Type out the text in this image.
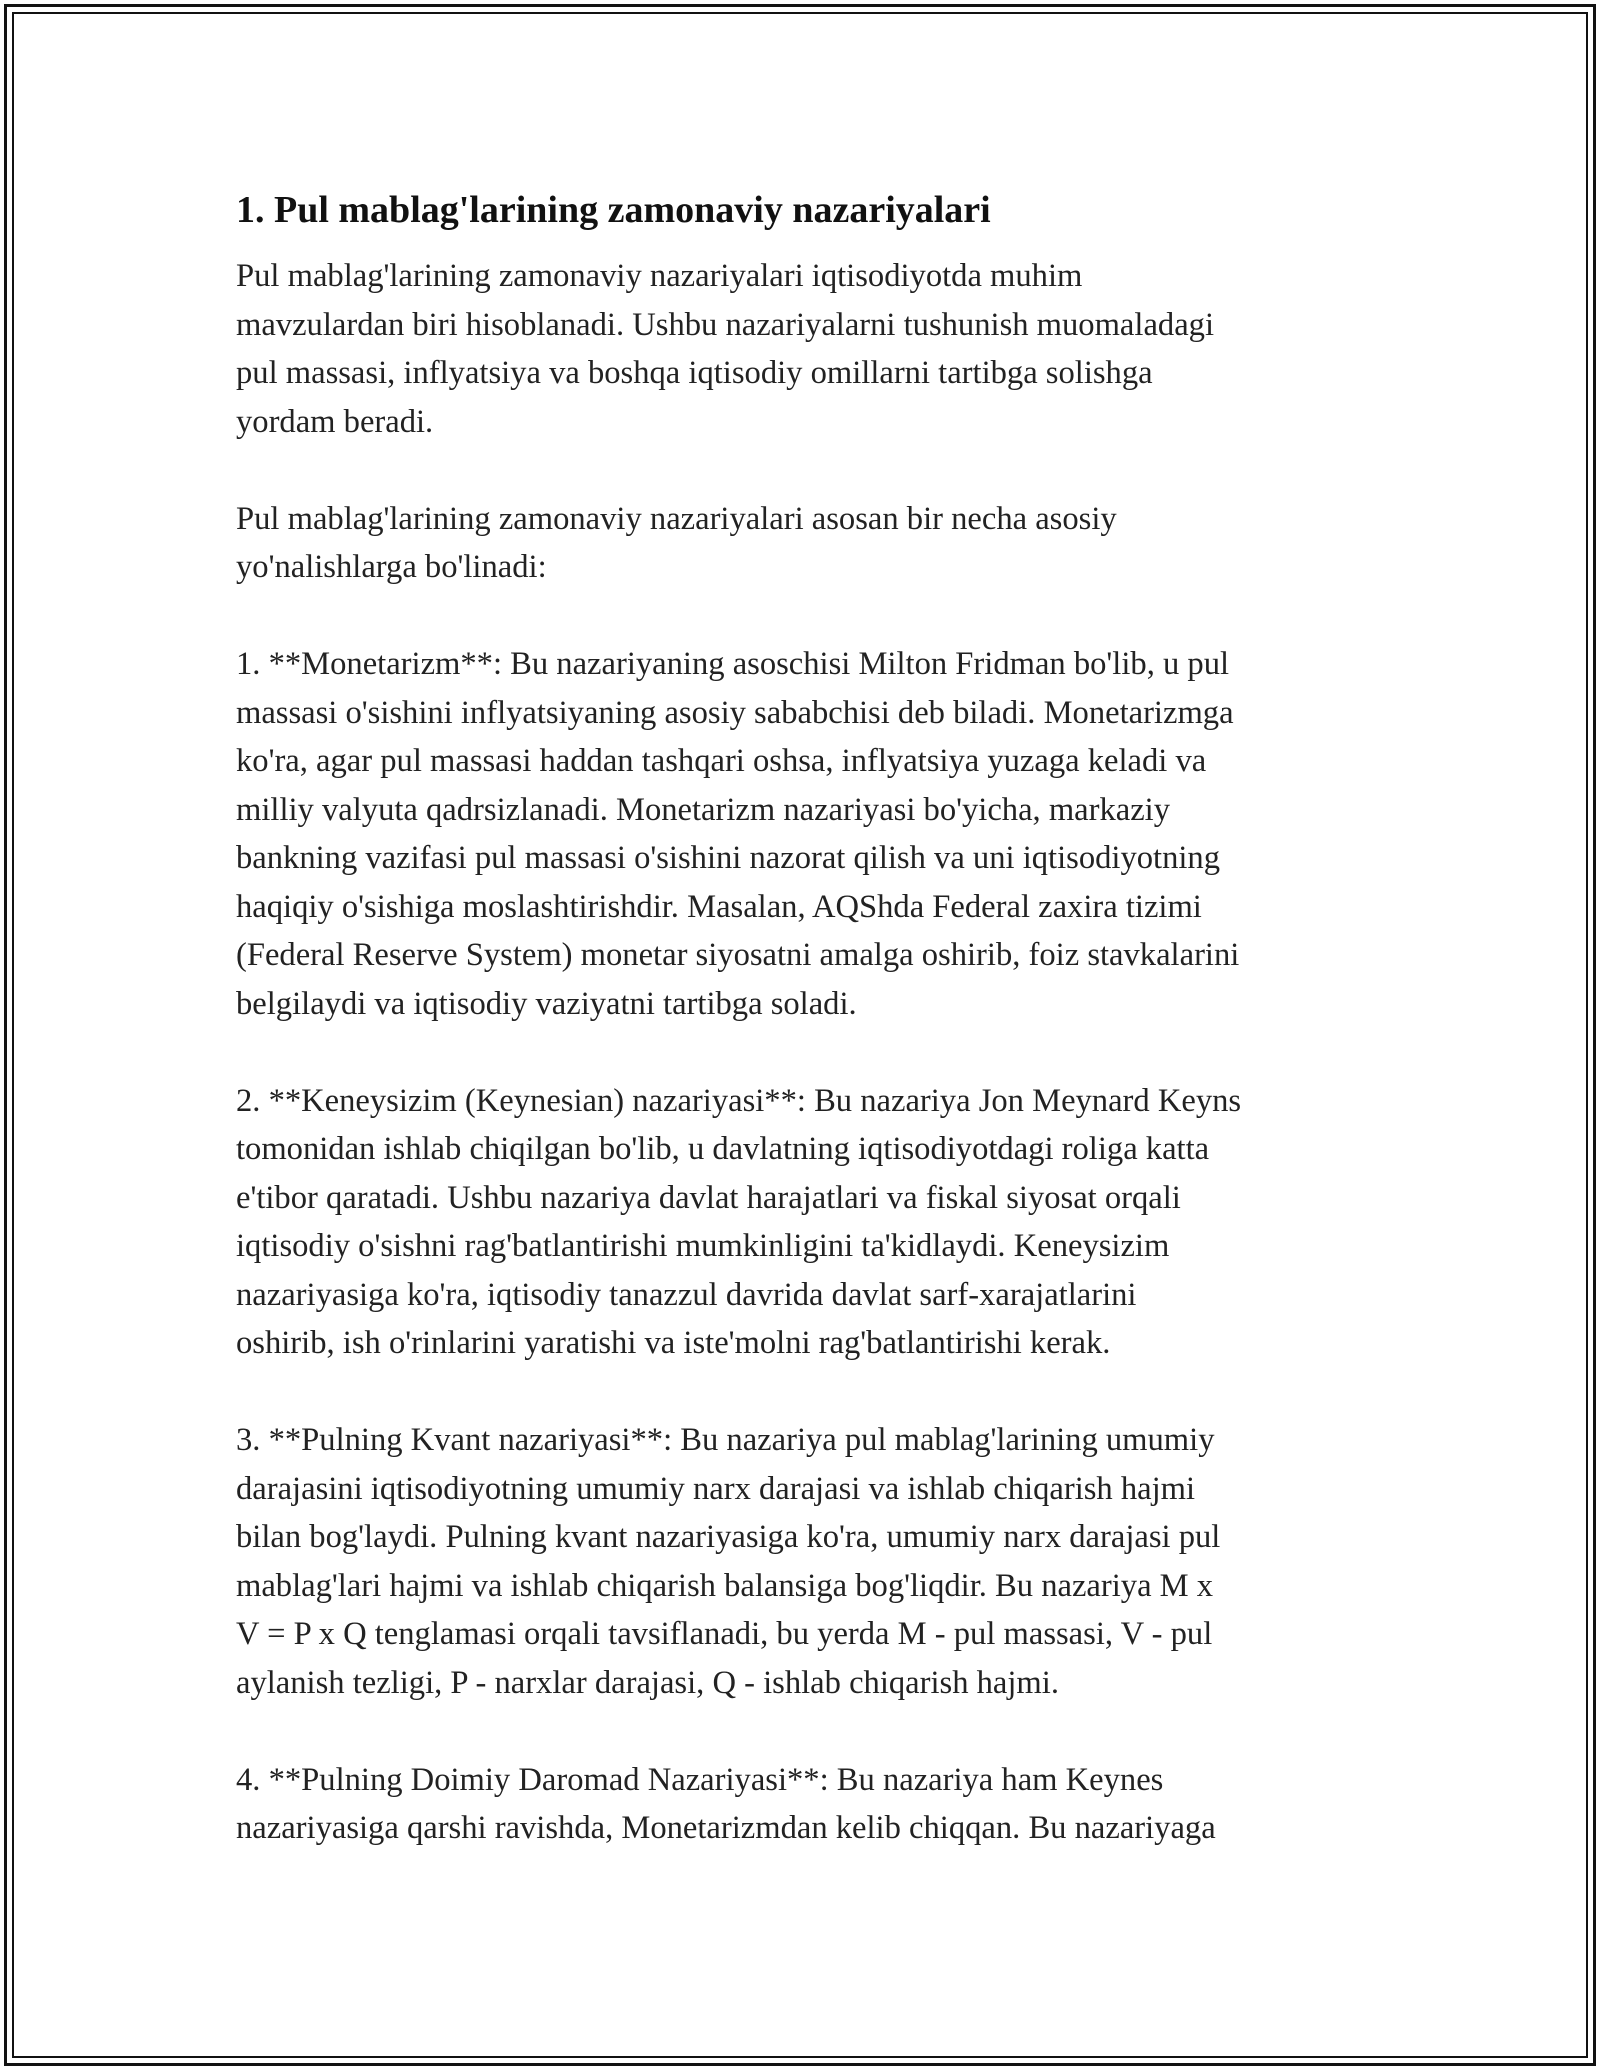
1. Pul mablag'larining zamonaviy nazariyalari

Pul mablag'larining zamonaviy nazariyalari iqtisodiyotda muhim
mavzulardan biri hisoblanadi. Ushbu nazariyalarni tushunish muomaladagi
pul massasi, inflyatsiya va boshqa iqtisodiy omillarni tartibga solishga
yordam beradi.

Pul mablag'larining zamonaviy nazariyalari asosan bir necha asosiy
yo'nalishlarga bo'linadi:

1. **Monetarizm**: Bu nazariyaning asoschisi Milton Fridman bo'lib, u pul
massasi o'sishini inflyatsiyaning asosiy sababchisi deb biladi. Monetarizmga
ko'ra, agar pul massasi haddan tashqari oshsa, inflyatsiya yuzaga keladi va
milliy valyuta qadrsizlanadi. Monetarizm nazariyasi bo'yicha, markaziy
bankning vazifasi pul massasi o'sishini nazorat qilish va uni iqtisodiyotning
haqiqiy o'sishiga moslashtirishdir. Masalan, AQShda Federal zaxira tizimi
(Federal Reserve System) monetar siyosatni amalga oshirib, foiz stavkalarini
belgilaydi va iqtisodiy vaziyatni tartibga soladi.

2. **Keneysizim (Keynesian) nazariyasi**: Bu nazariya Jon Meynard Keyns
tomonidan ishlab chiqilgan bo'lib, u davlatning iqtisodiyotdagi roliga katta
e'tibor qaratadi. Ushbu nazariya davlat harajatlari va fiskal siyosat orqali
iqtisodiy o'sishni rag'batlantirishi mumkinligini ta'kidlaydi. Keneysizim
nazariyasiga ko'ra, iqtisodiy tanazzul davrida davlat sarf-xarajatlarini
oshirib, ish o'rinlarini yaratishi va iste'molni rag'batlantirishi kerak.

3. **Pulning Kvant nazariyasi**: Bu nazariya pul mablag'larining umumiy
darajasini iqtisodiyotning umumiy narx darajasi va ishlab chiqarish hajmi
bilan bog'laydi. Pulning kvant nazariyasiga ko'ra, umumiy narx darajasi pul
mablag'lari hajmi va ishlab chiqarish balansiga bog'liqdir. Bu nazariya M x
V = P x Q tenglamasi orqali tavsiflanadi, bu yerda M - pul massasi, V - pul
aylanish tezligi, P - narxlar darajasi, Q - ishlab chiqarish hajmi.

4. **Pulning Doimiy Daromad Nazariyasi**: Bu nazariya ham Keynes
nazariyasiga qarshi ravishda, Monetarizmdan kelib chiqqan. Bu nazariyaga
